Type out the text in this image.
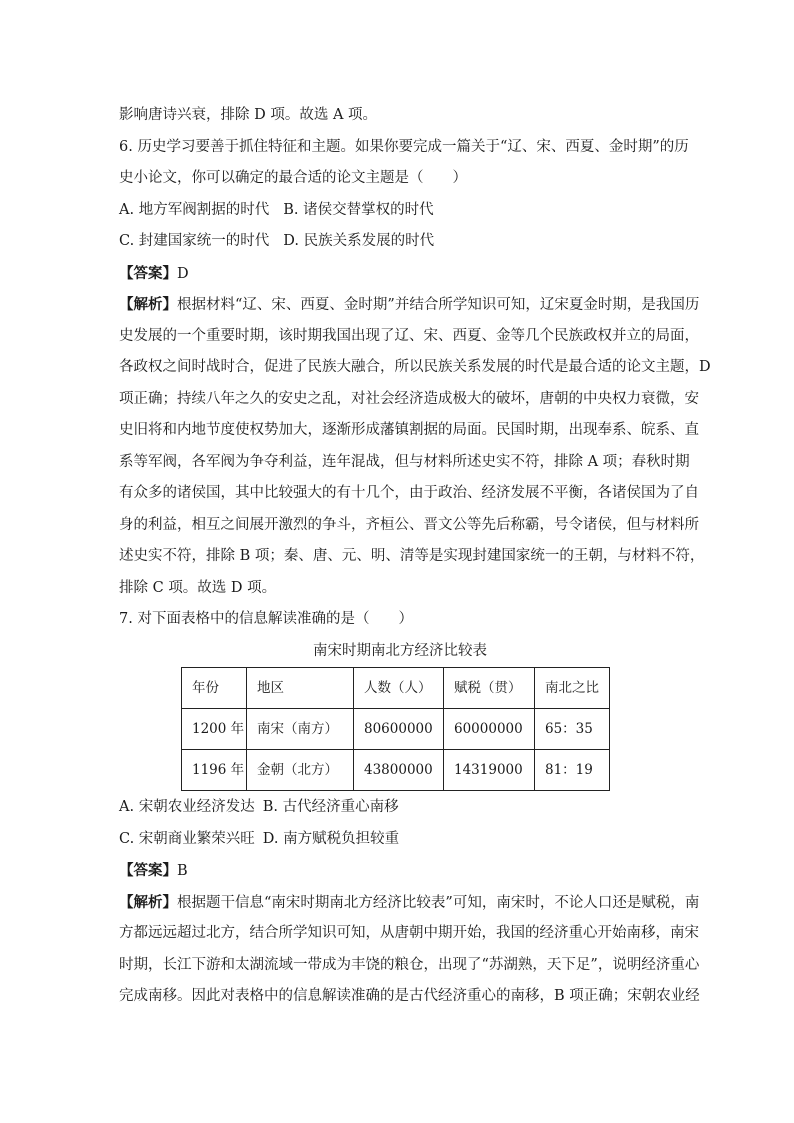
影响唐诗兴衰，排除 D 项。故选 A 项。
6. 历史学习要善于抓住特征和主题。如果你要完成一篇关于“辽、宋、西夏、金时期”的历
史小论文，你可以确定的最合适的论文主题是（　　）
A. 地方军阀割据的时代 B. 诸侯交替掌权的时代
C. 封建国家统一的时代 D. 民族关系发展的时代
【答案】D
【解析】根据材料“辽、宋、西夏、金时期”并结合所学知识可知，辽宋夏金时期，是我国历
史发展的一个重要时期，该时期我国出现了辽、宋、西夏、金等几个民族政权并立的局面，
各政权之间时战时合，促进了民族大融合，所以民族关系发展的时代是最合适的论文主题，D
项正确；持续八年之久的安史之乱，对社会经济造成极大的破坏，唐朝的中央权力衰微，安
史旧将和内地节度使权势加大，逐渐形成藩镇割据的局面。民国时期，出现奉系、皖系、直
系等军阀，各军阀为争夺利益，连年混战，但与材料所述史实不符，排除 A 项；春秋时期
有众多的诸侯国，其中比较强大的有十几个，由于政治、经济发展不平衡，各诸侯国为了自
身的利益，相互之间展开激烈的争斗，齐桓公、晋文公等先后称霸，号令诸侯，但与材料所
述史实不符，排除 B 项；秦、唐、元、明、清等是实现封建国家统一的王朝，与材料不符，
排除 C 项。故选 D 项。
7. 对下面表格中的信息解读准确的是（　　）
南宋时期南北方经济比较表
年份	地区	人数（人）	赋税（贯）	南北之比
1200 年	南宋（南方）	80600000	60000000	65：35
1196 年	金朝（北方）	43800000	14319000	81：19
A. 宋朝农业经济发达 B. 古代经济重心南移
C. 宋朝商业繁荣兴旺 D. 南方赋税负担较重
【答案】B
【解析】根据题干信息“南宋时期南北方经济比较表”可知，南宋时，不论人口还是赋税，南
方都远远超过北方，结合所学知识可知，从唐朝中期开始，我国的经济重心开始南移，南宋
时期，长江下游和太湖流域一带成为丰饶的粮仓，出现了“苏湖熟，天下足”，说明经济重心
完成南移。因此对表格中的信息解读准确的是古代经济重心的南移，B 项正确；宋朝农业经
